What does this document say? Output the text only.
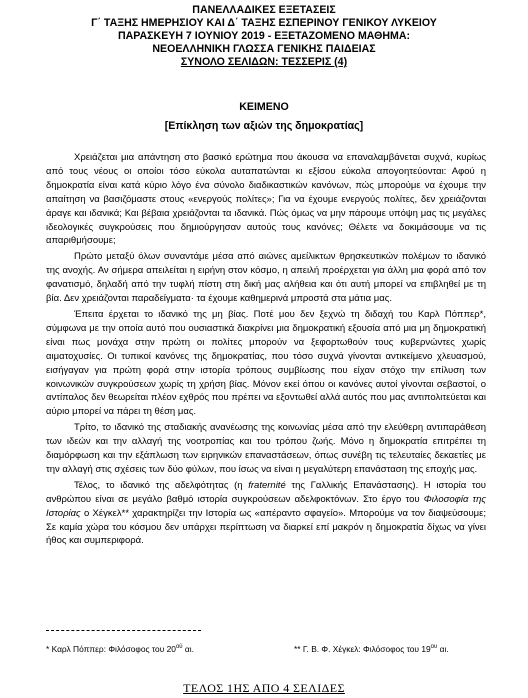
ΠΑΝΕΛΛΑΔΙΚΕΣ ΕΞΕΤΑΣΕΙΣ
Γ΄ ΤΑΞΗΣ ΗΜΕΡΗΣΙΟΥ ΚΑΙ Δ΄ ΤΑΞΗΣ ΕΣΠΕΡΙΝΟΥ ΓΕΝΙΚΟΥ ΛΥΚΕΙΟΥ
ΠΑΡΑΣΚΕΥΗ 7 ΙΟΥΝΙΟΥ 2019 - ΕΞΕΤΑΖΟΜΕΝΟ ΜΑΘΗΜΑ:
ΝΕΟΕΛΛΗΝΙΚΗ ΓΛΩΣΣΑ ΓΕΝΙΚΗΣ ΠΑΙΔΕΙΑΣ
ΣΥΝΟΛΟ ΣΕΛΙΔΩΝ: ΤΕΣΣΕΡΙΣ (4)
ΚΕΙΜΕΝΟ
[Επίκληση των αξιών της δημοκρατίας]

Χρειάζεται μια απάντηση στο βασικό ερώτημα που άκουσα να επαναλαμβάνεται συχνά, κυρίως από τους νέους οι οποίοι τόσο εύκολα αυταπατώνται κι εξίσου εύκολα απογοητεύονται: Αφού η δημοκρατία είναι κατά κύριο λόγο ένα σύνολο διαδικαστικών κανόνων, πώς μπορούμε να έχουμε την απαίτηση να βασιζόμαστε στους «ενεργούς πολίτες»; Για να έχουμε ενεργούς πολίτες, δεν χρειάζονται άραγε και ιδανικά; Και βέβαια χρειάζονται τα ιδανικά. Πώς όμως να μην πάρουμε υπόψη μας τις μεγάλες ιδεολογικές συγκρούσεις που δημιούργησαν αυτούς τους κανόνες; Θέλετε να δοκιμάσουμε να τις απαριθμήσουμε;

Πρώτο μεταξύ όλων συναντάμε μέσα από αιώνες αμείλικτων θρησκευτικών πολέμων το ιδανικό της ανοχής. Αν σήμερα απειλείται η ειρήνη στον κόσμο, η απειλή προέρχεται για άλλη μια φορά από τον φανατισμό, δηλαδή από την τυφλή πίστη στη δική μας αλήθεια και ότι αυτή μπορεί να επιβληθεί με τη βία. Δεν χρειάζονται παραδείγματα· τα έχουμε καθημερινά μπροστά στα μάτια μας.

Έπειτα έρχεται το ιδανικό της μη βίας. Ποτέ μου δεν ξεχνώ τη διδαχή του Καρλ Πόππερ*, σύμφωνα με την οποία αυτό που ουσιαστικά διακρίνει μια δημοκρατική εξουσία από μια μη δημοκρατική είναι πως μονάχα στην πρώτη οι πολίτες μπορούν να ξεφορτωθούν τους κυβερνώντες χωρίς αιματοχυσίες. Οι τυπικοί κανόνες της δημοκρατίας, που τόσο συχνά γίνονται αντικείμενο χλευασμού, εισήγαγαν για πρώτη φορά στην ιστορία τρόπους συμβίωσης που είχαν στόχο την επίλυση των κοινωνικών συγκρούσεων χωρίς τη χρήση βίας. Μόνον εκεί όπου οι κανόνες αυτοί γίνονται σεβαστοί, ο αντίπαλος δεν θεωρείται πλέον εχθρός που πρέπει να εξοντωθεί αλλά αυτός που μας αντιπολιτεύεται και αύριο μπορεί να πάρει τη θέση μας.

Τρίτο, το ιδανικό της σταδιακής ανανέωσης της κοινωνίας μέσα από την ελεύθερη αντιπαράθεση των ιδεών και την αλλαγή της νοοτροπίας και του τρόπου ζωής. Μόνο η δημοκρατία επιτρέπει τη διαμόρφωση και την εξάπλωση των ειρηνικών επαναστάσεων, όπως συνέβη τις τελευταίες δεκαετίες με την αλλαγή στις σχέσεις των δύο φύλων, που ίσως να είναι η μεγαλύτερη επανάσταση της εποχής μας.

Τέλος, το ιδανικό της αδελφότητας (η fraternité της Γαλλικής Επανάστασης). Η ιστορία του ανθρώπου είναι σε μεγάλο βαθμό ιστορία συγκρούσεων αδελφοκτόνων. Στο έργο του Φιλοσοφία της Ιστορίας ο Χέγκελ** χαρακτηρίζει την Ιστορία ως «απέραντο σφαγείο». Μπορούμε να τον διαψεύσουμε; Σε καμία χώρα του κόσμου δεν υπάρχει περίπτωση να διαρκεί επί μακρόν η δημοκρατία δίχως να γίνει ήθος και συμπεριφορά.

* Καρλ Πόππερ: Φιλόσοφος του $20^{oύ}$ αι.	** Γ. Β. Φ. Χέγκελ: Φιλόσοφος του $19^{o\upsilon}$ αι.
ΤΕΛΟΣ 1ΗΣ ΑΠΟ 4 ΣΕΛΙΔΕΣ
